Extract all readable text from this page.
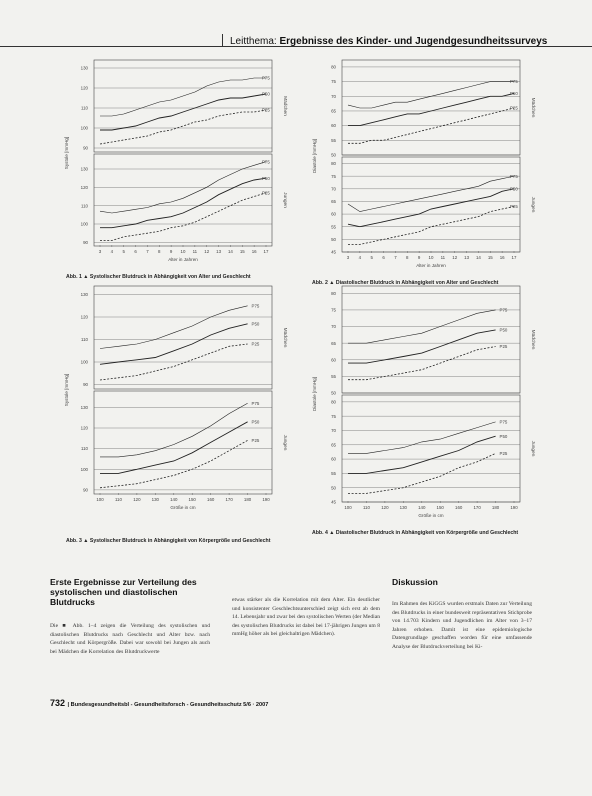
Leitthema: Ergebnisse des Kinder- und Jugendgesundheitssurveys
Systole [mmHg]	90
100
110
120
130
Mädchen
P75
P50
P25
90
100
110
120
130
Jungen
P75
P50
P25
3 4 5 6 7 8 9 10 11 12 13 14 15 16 17
Alter in Jahren
Diastole [mmHg]	50
55
60
65
70
75
80
Mädchen
P75
P50
P25
45
50
55
60
65
70
75
80
Jungen
P75
P50
P25
3 4 5 6 7 8 9 10 11 12 13 14 15 16 17
Alter in Jahren
Systole [mmHg]	90
100
110
120
130
Mädchen
P75
P50
P25
90
100
110
120
130
Jungen
P75
P50
P25
100	110	120	130	140	150	160	170	180	190
Größe in cm
Diastole [mmHg]	50
55
60
65
70
75
80
Mädchen
P75
P50
P25
45
50
55
60
65
70
75
80
Jungen
P75
P50
P25
100	110	120	130	140	150	160	170	180	190
Größe in cm
Abb. 1 ▲ Systolischer Blutdruck in Abhängigkeit von Alter und Geschlecht
Abb. 2 ▲ Diastolischer Blutdruck in Abhängigkeit von Alter und Geschlecht
Abb. 3 ▲ Systolischer Blutdruck in Abhängigkeit von Körpergröße und Geschlecht
Abb. 4 ▲ Diastolischer Blutdruck in Abhängigkeit von Körpergröße und Geschlecht
Erste Ergebnisse zur Verteilung des systolischen und diastolischen Blutdrucks
Die ■ Abb. 1–4 zeigen die Verteilung des systolischen und diastolischen Blutdrucks nach Geschlecht und Alter bzw. nach Geschlecht und Körpergröße. Dabei war sowohl bei Jungen als auch bei Mädchen die Korrelation des Blutdruckwerte
etwas stärker als die Korrelation mit dem Alter. Ein deutlicher und konsistenter Geschlechtsunterschied zeigt sich erst ab dem 14. Lebensjahr und zwar bei den systolischen Werten (der Median des systolischen Blutdrucks ist dabei bei 17-jährigen Jungen um 8 mmHg höher als bei gleichaltrigen Mädchen).
Diskussion
Im Rahmen des KiGGS wurden erstmals Daten zur Verteilung des Blutdrucks in einer bundesweit repräsentativen Stichprobe von 14.703 Kindern und Jugendlichen im Alter von 3–17 Jahren erhoben. Damit ist eine epidemiologische Datengrundlage geschaffen worden für eine umfassende Analyse der Blutdruckverteilung bei Ki-
732 | Bundesgesundheitsbl - Gesundheitsforsch - Gesundheitsschutz 5/6 · 2007
